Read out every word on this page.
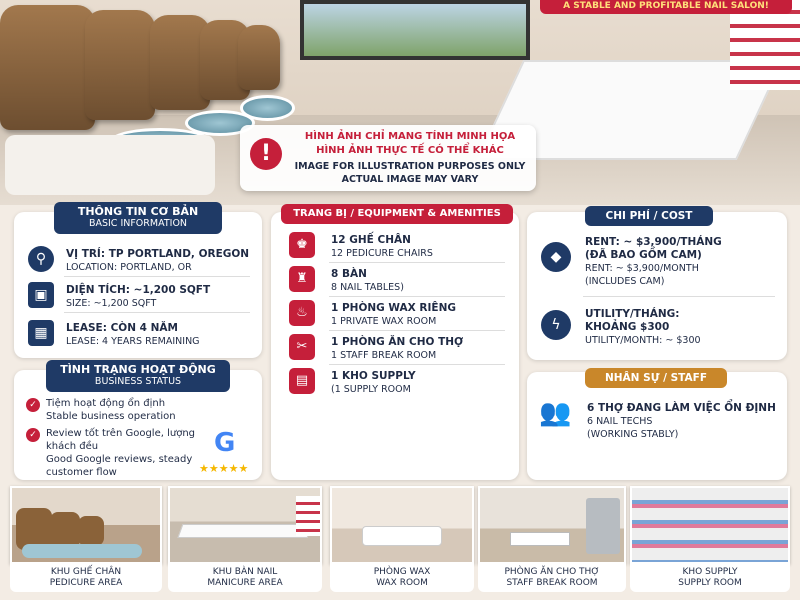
A STABLE AND PROFITABLE NAIL SALON!
!
HÌNH ẢNH CHỈ MANG TÍNH MINH HỌA
HÌNH ẢNH THỰC TẾ CÓ THỂ KHÁC
IMAGE FOR ILLUSTRATION PURPOSES ONLY
ACTUAL IMAGE MAY VARY
THÔNG TIN CƠ BẢN
BASIC INFORMATION
⚲	VỊ TRÍ: TP PORTLAND, OREGON
LOCATION: PORTLAND, OR
▣	DIỆN TÍCH: ~1,200 SQFT
SIZE: ~1,200 SQFT
▦	LEASE: CÒN 4 NĂM
LEASE: 4 YEARS REMAINING
TÌNH TRẠNG HOẠT ĐỘNG
BUSINESS STATUS
✓ Tiệm hoạt động ổn định
Stable business operation
✓ Review tốt trên Google, lượng khách đều
Good Google reviews, steady customer flow
G
★★★★★
TRANG BỊ / EQUIPMENT & AMENITIES
♚	12 GHẾ CHÂN
12 PEDICURE CHAIRS
♜	8 BÀN
8 NAIL TABLES)
♨	1 PHÒNG WAX RIÊNG
1 PRIVATE WAX ROOM
✂	1 PHÒNG ĂN CHO THỢ
1 STAFF BREAK ROOM
▤	1 KHO SUPPLY
(1 SUPPLY ROOM
CHI PHÍ / COST
◆
RENT: ~ $3,900/THÁNG
(ĐÃ BAO GỒM CAM)
RENT: ~ $3,900/MONTH
(INCLUDES CAM)
ϟ
UTILITY/THÁNG:
KHOẢNG $300
UTILITY/MONTH: ~ $300
NHÂN SỰ / STAFF
👥 6 THỢ ĐANG LÀM VIỆC ỔN ĐỊNH
6 NAIL TECHS
(WORKING STABLY)
KHU GHẾ CHÂN
PEDICURE AREA
KHU BÀN NAIL
MANICURE AREA
PHÒNG WAX
WAX ROOM
PHÒNG ĂN CHO THỢ
STAFF BREAK ROOM
KHO SUPPLY
SUPPLY ROOM
